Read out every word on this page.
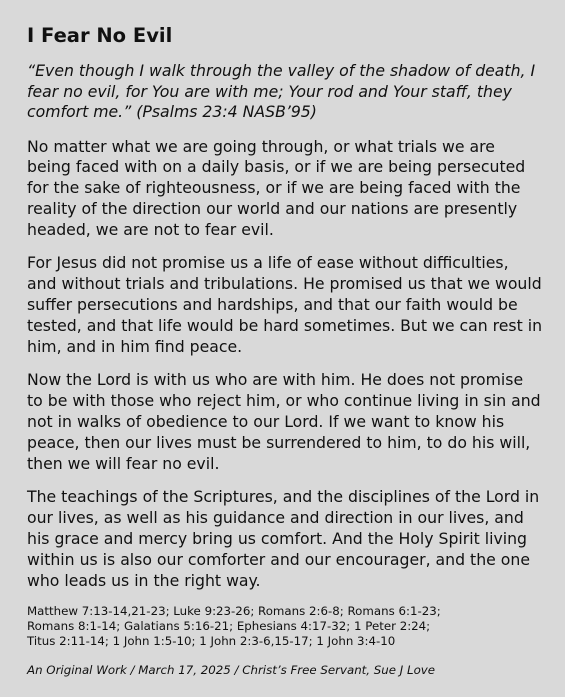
I Fear No Evil

“Even though I walk through the valley of the shadow of death, I fear no evil, for You are with me; Your rod and Your staff, they comfort me.” (Psalms 23:4 NASB’95)

No matter what we are going through, or what trials we are being faced with on a daily basis, or if we are being persecuted for the sake of righteousness, or if we are being faced with the reality of the direction our world and our nations are presently headed, we are not to fear evil.

For Jesus did not promise us a life of ease without difficulties, and without trials and tribulations. He promised us that we would suffer persecutions and hardships, and that our faith would be tested, and that life would be hard sometimes. But we can rest in him, and in him find peace.

Now the Lord is with us who are with him. He does not promise to be with those who reject him, or who continue living in sin and not in walks of obedience to our Lord. If we want to know his peace, then our lives must be surrendered to him, to do his will, then we will fear no evil.

The teachings of the Scriptures, and the disciplines of the Lord in our lives, as well as his guidance and direction in our lives, and his grace and mercy bring us comfort. And the Holy Spirit living within us is also our comforter and our encourager, and the one who leads us in the right way.

Matthew 7:13-14,21-23; Luke 9:23-26; Romans 2:6-8; Romans 6:1-23;
Romans 8:1-14; Galatians 5:16-21; Ephesians 4:17-32; 1 Peter 2:24;
Titus 2:11-14; 1 John 1:5-10; 1 John 2:3-6,15-17; 1 John 3:4-10

An Original Work / March 17, 2025 / Christ’s Free Servant, Sue J Love
